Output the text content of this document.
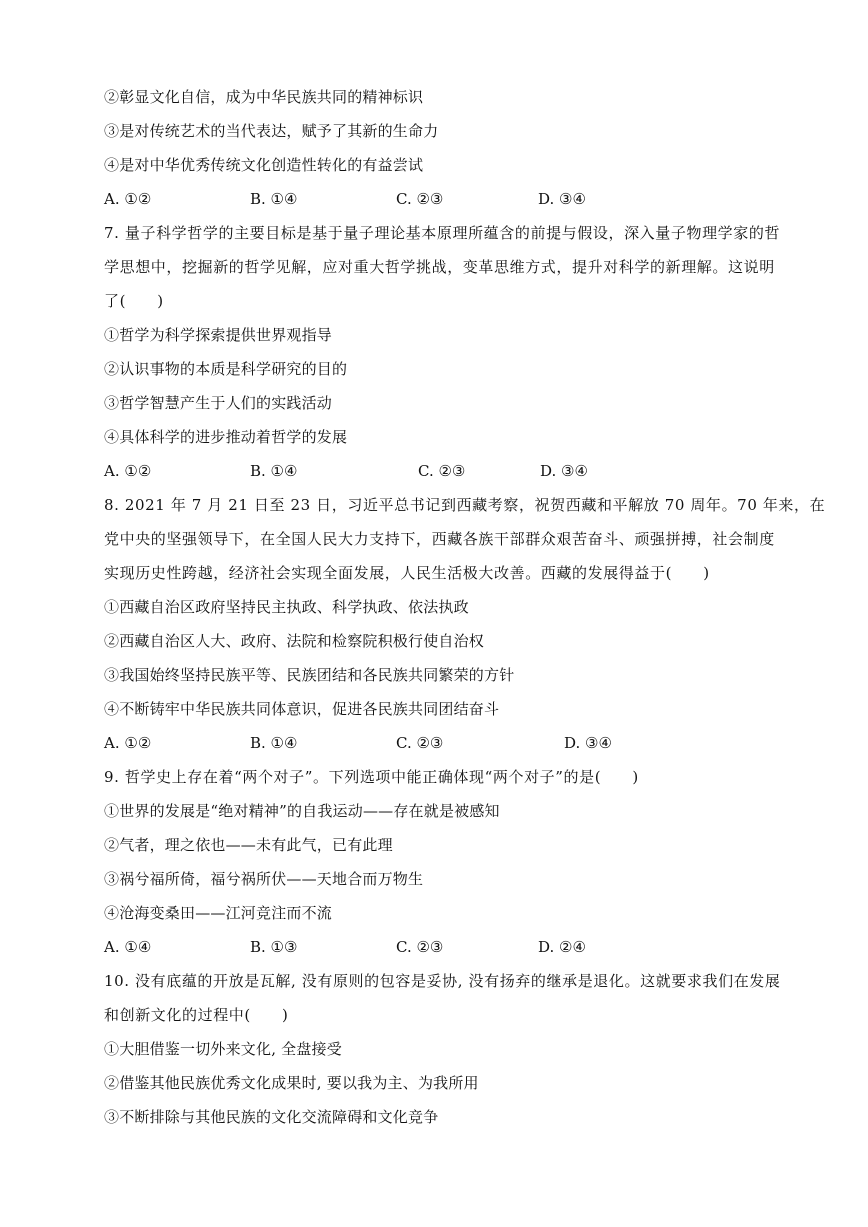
②彰显文化自信，成为中华民族共同的精神标识
③是对传统艺术的当代表达，赋予了其新的生命力
④是对中华优秀传统文化创造性转化的有益尝试
A. ①②	B. ①④	C. ②③	D. ③④
7. 量子科学哲学的主要目标是基于量子理论基本原理所蕴含的前提与假设，深入量子物理学家的哲
学思想中，挖掘新的哲学见解，应对重大哲学挑战，变革思维方式，提升对科学的新理解。这说明
了(　　)
①哲学为科学探索提供世界观指导
②认识事物的本质是科学研究的目的
③哲学智慧产生于人们的实践活动
④具体科学的进步推动着哲学的发展
A. ①②	B. ①④	C. ②③	D. ③④
8. 2021 年 7 月 21 日至 23 日，习近平总书记到西藏考察，祝贺西藏和平解放 70 周年。70 年来，在
党中央的坚强领导下，在全国人民大力支持下，西藏各族干部群众艰苦奋斗、顽强拼搏，社会制度
实现历史性跨越，经济社会实现全面发展，人民生活极大改善。西藏的发展得益于(　　)
①西藏自治区政府坚持民主执政、科学执政、依法执政
②西藏自治区人大、政府、法院和检察院积极行使自治权
③我国始终坚持民族平等、民族团结和各民族共同繁荣的方针
④不断铸牢中华民族共同体意识，促进各民族共同团结奋斗
A. ①②	B. ①④	C. ②③	D. ③④
9. 哲学史上存在着“两个对子”。下列选项中能正确体现“两个对子”的是(　　)
①世界的发展是“绝对精神”的自我运动——存在就是被感知
②气者，理之依也——未有此气，已有此理
③祸兮福所倚，福兮祸所伏——天地合而万物生
④沧海变桑田——江河竞注而不流
A. ①④	B. ①③	C. ②③	D. ②④
10. 没有底蕴的开放是瓦解, 没有原则的包容是妥协, 没有扬弃的继承是退化。这就要求我们在发展
和创新文化的过程中(　　)
①大胆借鉴一切外来文化, 全盘接受
②借鉴其他民族优秀文化成果时, 要以我为主、为我所用
③不断排除与其他民族的文化交流障碍和文化竞争
